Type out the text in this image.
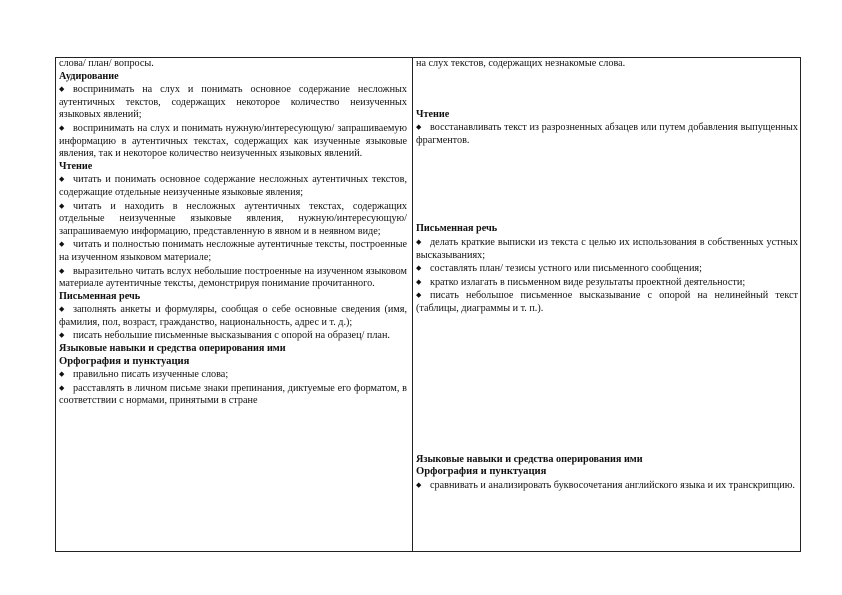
слова/ план/ вопросы.

Аудирование

◆ воспринимать на слух и понимать основное содержание несложных аутентичных текстов, содержащих некоторое количество неизученных языковых явлений;

◆ воспринимать на слух и понимать нужную/интересующую/ запрашиваемую информацию в аутентичных текстах, содержащих как изученные языковые явления, так и некоторое количество неизученных языковых явлений.

Чтение

◆ читать и понимать основное содержание несложных аутентичных текстов, содержащие отдельные неизученные языковые явления;

◆ читать и находить в несложных аутентичных текстах, содержащих отдельные неизученные языковые явления, нужную/интересующую/ запрашиваемую информацию, представленную в явном и в неявном виде;

◆ читать и полностью понимать несложные аутентичные тексты, построенные на изученном языковом материале;

◆ выразительно читать вслух небольшие построенные на изученном языковом материале аутентичные тексты, демонстрируя понимание прочитанного.

Письменная речь

◆ заполнять анкеты и формуляры, сообщая о себе основные сведения (имя, фамилия, пол, возраст, гражданство, национальность, адрес и т. д.);

◆ писать небольшие письменные высказывания с опорой на образец/ план.

Языковые навыки и средства оперирования ими

Орфография и пунктуация

◆ правильно писать изученные слова;

◆ расставлять в личном письме знаки препинания, диктуемые его форматом, в соответствии с нормами, принятыми в стране

на слух текстов, содержащих незнакомые слова.

Чтение

◆ восстанавливать текст из разрозненных абзацев или путем добавления выпущенных фрагментов.

Письменная речь

◆ делать краткие выписки из текста с целью их использования в собственных устных высказываниях;

◆ составлять план/ тезисы устного или письменного сообщения;

◆ кратко излагать в письменном виде результаты проектной деятельности;

◆ писать небольшое письменное высказывание с опорой на нелинейный текст (таблицы, диаграммы и т. п.).

Языковые навыки и средства оперирования ими

Орфография и пунктуация

◆ сравнивать и анализировать буквосочетания английского языка и их транскрипцию.
